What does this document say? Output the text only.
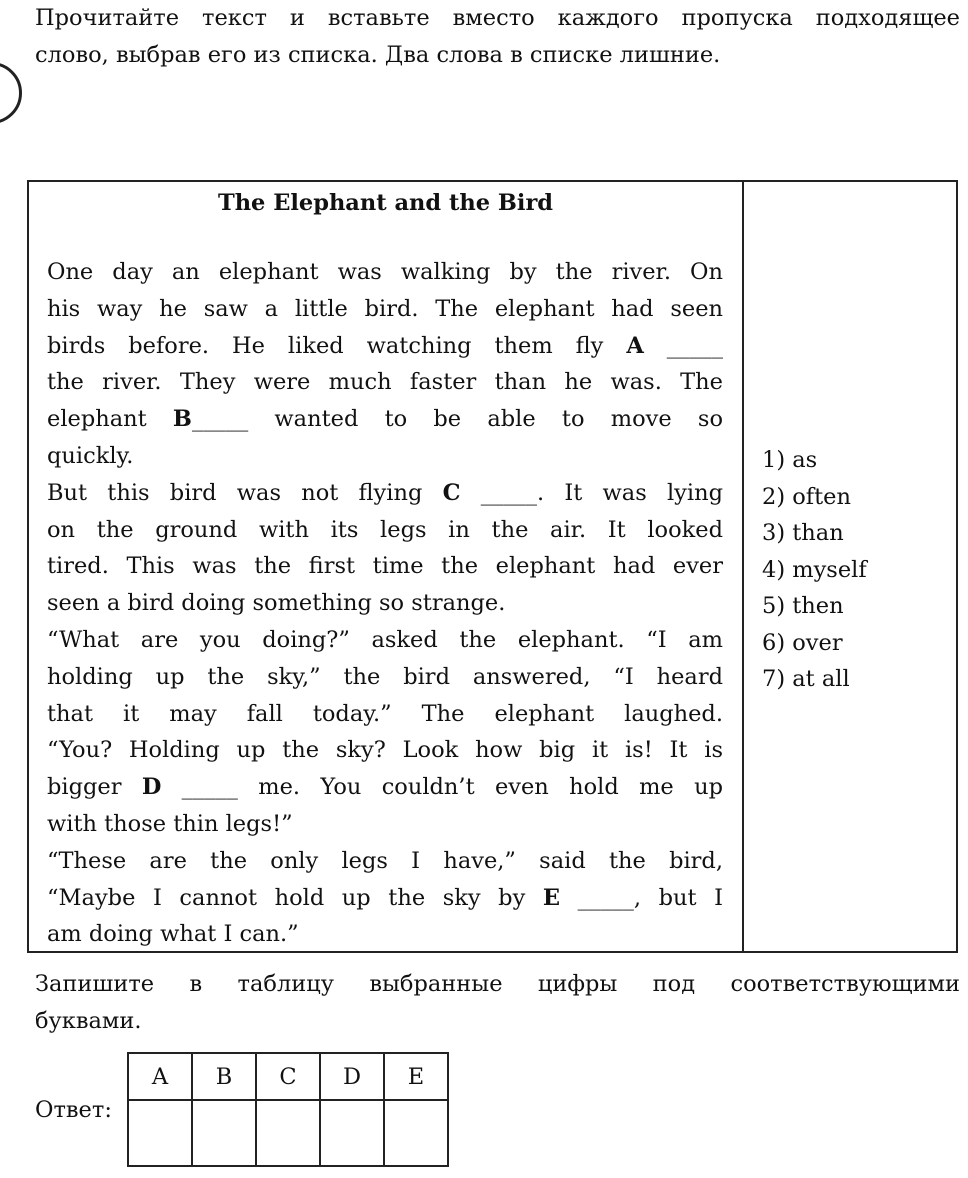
Прочитайте текст и вставьте вместо каждого пропуска подходящее
слово, выбрав его из списка. Два слова в списке лишние.
The Elephant and the Bird
One day an elephant was walking by the river. On
his way he saw a little bird. The elephant had seen
birds before. He liked watching them fly A _____
the river. They were much faster than he was. The
elephant B_____ wanted to be able to move so
quickly.
But this bird was not flying C _____. It was lying
on the ground with its legs in the air. It looked
tired. This was the first time the elephant had ever
seen a bird doing something so strange.
“What are you doing?” asked the elephant. “I am
holding up the sky,” the bird answered, “I heard
that it may fall today.” The elephant laughed.
“You? Holding up the sky? Look how big it is! It is
bigger D _____ me. You couldn’t even hold me up
with those thin legs!”
“These are the only legs I have,” said the bird,
“Maybe I cannot hold up the sky by E _____, but I
am doing what I can.”
1) as
2) often
3) than
4) myself
5) then
6) over
7) at all
Запишите в таблицу выбранные цифры под соответствующими
буквами.
Ответ:
A	B	C	D	E
